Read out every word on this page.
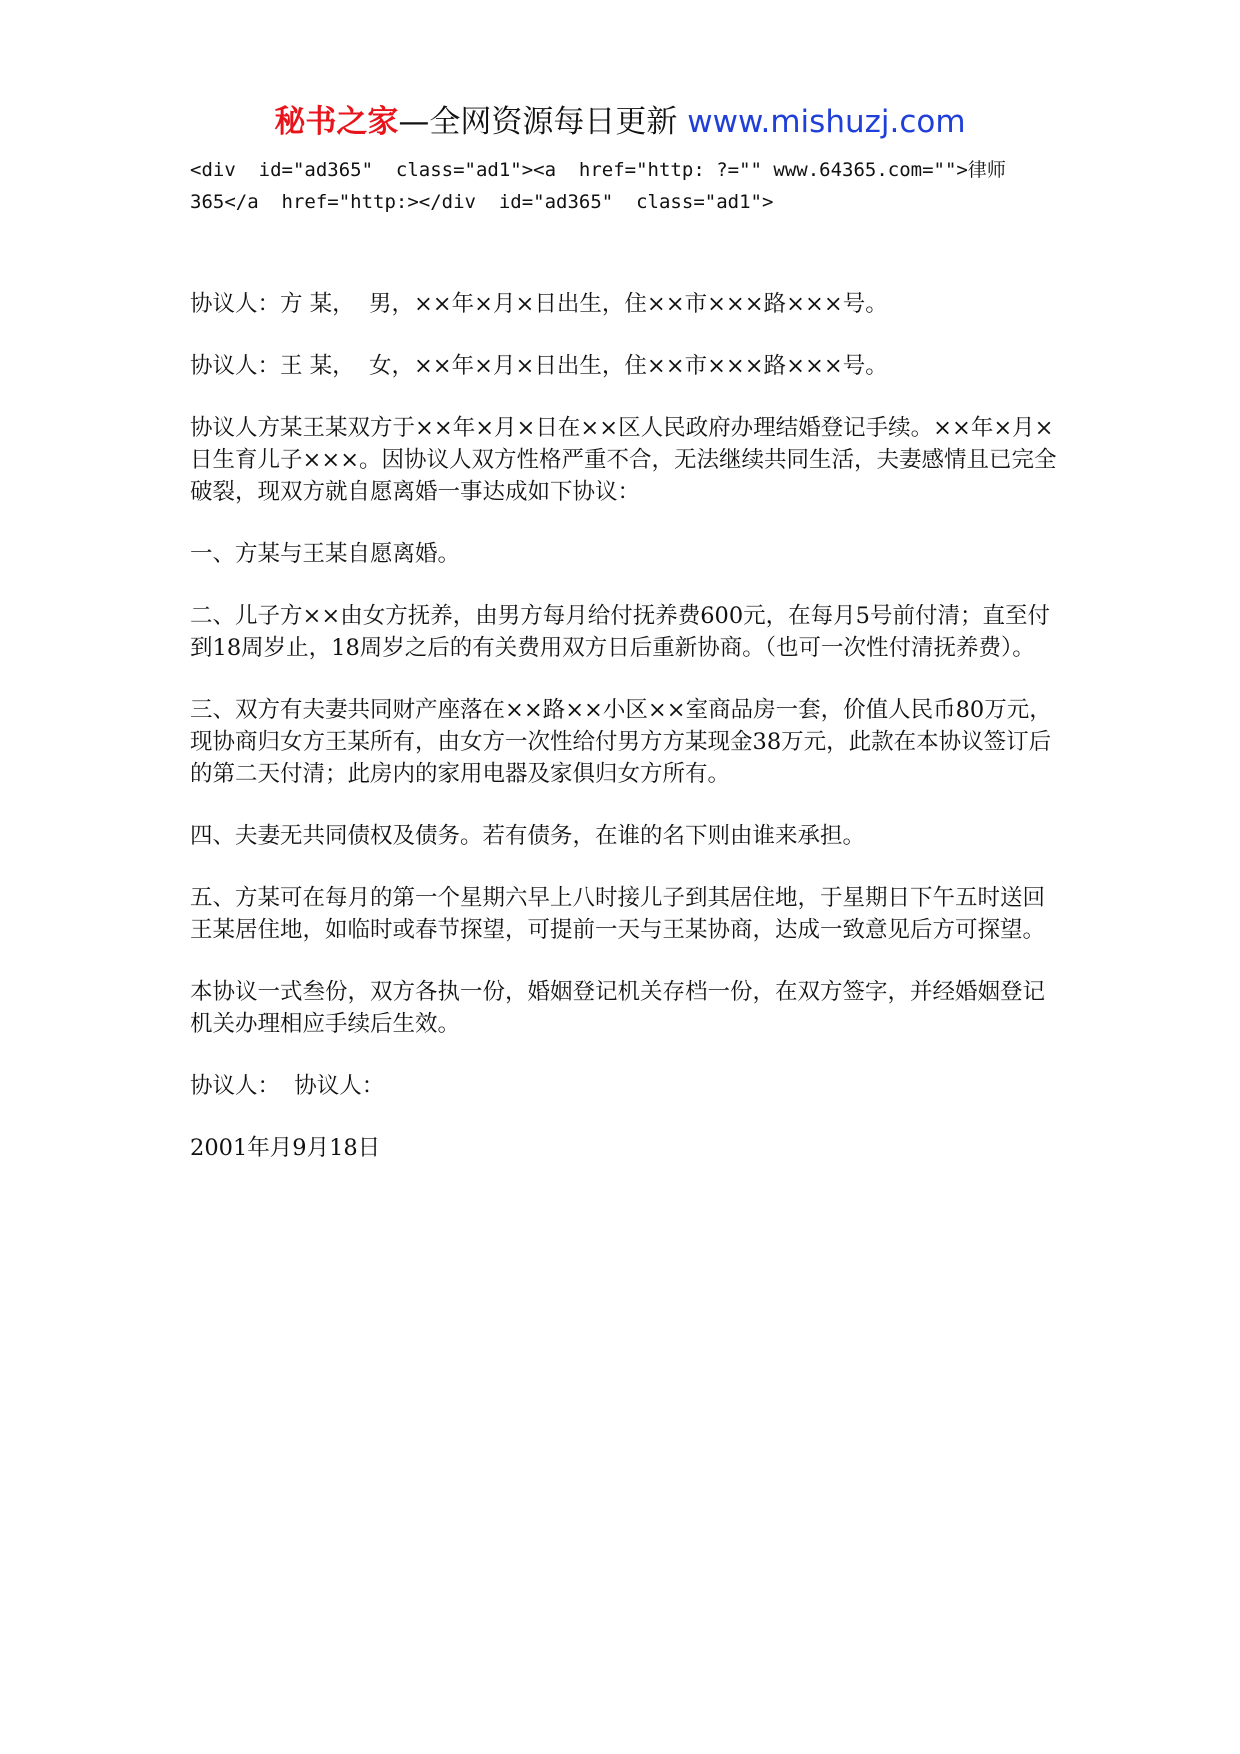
秘书之家—全网资源每日更新 www.mishuzj.com
<div  id="ad365"  class="ad1"><a  href="http: ?="" www.64365.com="">律师
365</a  href="http:></div  id="ad365"  class="ad1">

协议人：方 某，  男，××年×月×日出生，住××市×××路×××号。

协议人：王 某，  女，××年×月×日出生，住××市×××路×××号。

协议人方某王某双方于××年×月×日在××区人民政府办理结婚登记手续。××年×月×日生育儿子×××。因协议人双方性格严重不合，无法继续共同生活，夫妻感情且已完全破裂，现双方就自愿离婚一事达成如下协议：

一、方某与王某自愿离婚。

二、儿子方××由女方抚养，由男方每月给付抚养费600元，在每月5号前付清；直至付到18周岁止，18周岁之后的有关费用双方日后重新协商。（也可一次性付清抚养费）。

三、双方有夫妻共同财产座落在××路××小区××室商品房一套，价值人民币80万元，现协商归女方王某所有，由女方一次性给付男方方某现金38万元，此款在本协议签订后的第二天付清；此房内的家用电器及家俱归女方所有。

四、夫妻无共同债权及债务。若有债务，在谁的名下则由谁来承担。

五、方某可在每月的第一个星期六早上八时接儿子到其居住地，于星期日下午五时送回王某居住地，如临时或春节探望，可提前一天与王某协商，达成一致意见后方可探望。

本协议一式叁份，双方各执一份，婚姻登记机关存档一份，在双方签字，并经婚姻登记机关办理相应手续后生效。

协议人：  协议人：

2001年月9月18日
